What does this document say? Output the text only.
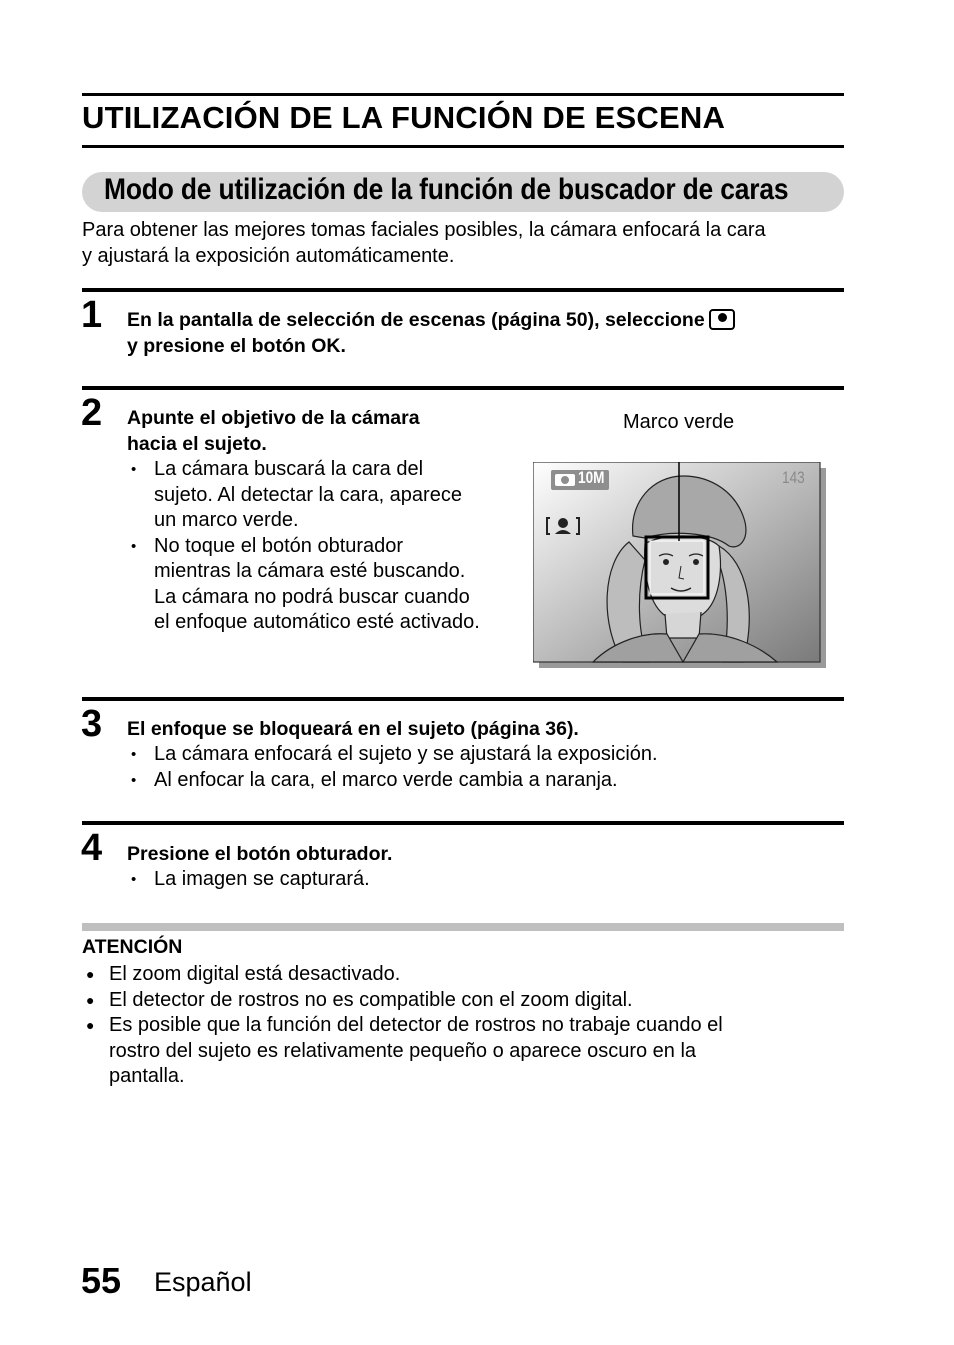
UTILIZACIÓN DE LA FUNCIÓN DE ESCENA
Modo de utilización de la función de buscador de caras
Para obtener las mejores tomas faciales posibles, la cámara enfocará la cara
y ajustará la exposición automáticamente.
1 En la pantalla de selección de escenas (página 50), seleccione
y presione el botón OK.
2 Apunte el objetivo de la cámara
hacia el sujeto.
• La cámara buscará la cara del
sujeto. Al detectar la cara, aparece
un marco verde.
• No toque el botón obturador
mientras la cámara esté buscando.
La cámara no podrá buscar cuando
el enfoque automático esté activado.
Marco verde
10M	143
3 El enfoque se bloqueará en el sujeto (página 36).
• La cámara enfocará el sujeto y se ajustará la exposición.
• Al enfocar la cara, el marco verde cambia a naranja.
4 Presione el botón obturador.
• La imagen se capturará.
ATENCIÓN
● El zoom digital está desactivado.
● El detector de rostros no es compatible con el zoom digital.
● Es posible que la función del detector de rostros no trabaje cuando el
rostro del sujeto es relativamente pequeño o aparece oscuro en la
pantalla.
55 Español
